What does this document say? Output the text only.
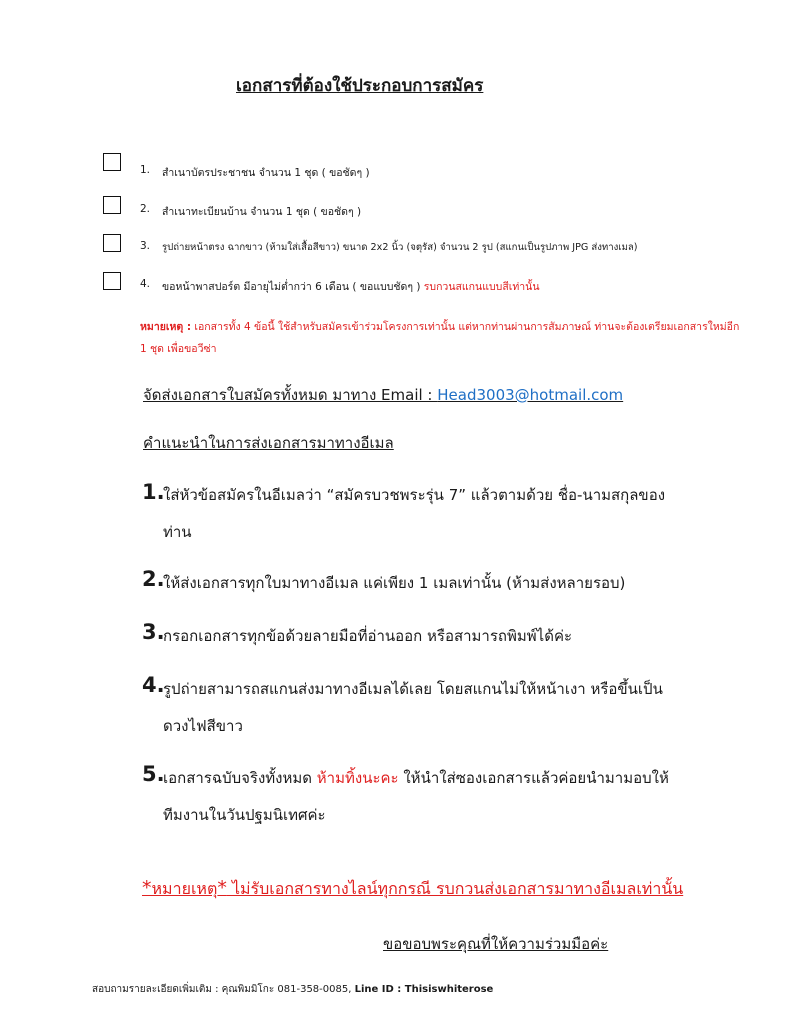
เอกสารที่ต้องใช้ประกอบการสมัคร
1. สำเนาบัตรประชาชน จำนวน 1 ชุด ( ขอชัดๆ )
2. สำเนาทะเบียนบ้าน จำนวน 1 ชุด ( ขอชัดๆ )
3. รูปถ่ายหน้าตรง ฉากขาว (ห้ามใส่เสื้อสีขาว) ขนาด 2x2 นิ้ว (จตุรัส) จำนวน 2 รูป (สแกนเป็นรูปภาพ JPG ส่งทางเมล)
4. ขอหน้าพาสปอร์ต มีอายุไม่ต่ำกว่า 6 เดือน ( ขอแบบชัดๆ ) รบกวนสแกนแบบสีเท่านั้น
หมายเหตุ : เอกสารทั้ง 4 ข้อนี้ ใช้สำหรับสมัครเข้าร่วมโครงการเท่านั้น แต่หากท่านผ่านการสัมภาษณ์ ท่านจะต้องเตรียมเอกสารใหม่อีก 1 ชุด เพื่อขอวีซ่า
จัดส่งเอกสารใบสมัครทั้งหมด มาทาง Email : Head3003@hotmail.com
คำแนะนำในการส่งเอกสารมาทางอีเมล
1.
ใส่หัวข้อสมัครในอีเมลว่า “สมัครบวชพระรุ่น 7” แล้วตามด้วย ชื่อ-นามสกุลของ
ท่าน
2.
ให้ส่งเอกสารทุกใบมาทางอีเมล แค่เพียง 1 เมลเท่านั้น (ห้ามส่งหลายรอบ)
3.
กรอกเอกสารทุกข้อด้วยลายมือที่อ่านออก หรือสามารถพิมพ์ได้ค่ะ
4.
รูปถ่ายสามารถสแกนส่งมาทางอีเมลได้เลย โดยสแกนไม่ให้หน้าเงา หรือขึ้นเป็น
ดวงไฟสีขาว
5.
เอกสารฉบับจริงทั้งหมด ห้ามทิ้งนะคะ ให้นำใส่ซองเอกสารแล้วค่อยนำมามอบให้
ทีมงานในวันปฐมนิเทศค่ะ
*หมายเหตุ* ไม่รับเอกสารทางไลน์ทุกกรณี รบกวนส่งเอกสารมาทางอีเมลเท่านั้น
ขอขอบพระคุณที่ให้ความร่วมมือค่ะ
สอบถามรายละเอียดเพิ่มเติม : คุณพิมมิโกะ 081-358-0085, Line ID : Thisiswhiterose
